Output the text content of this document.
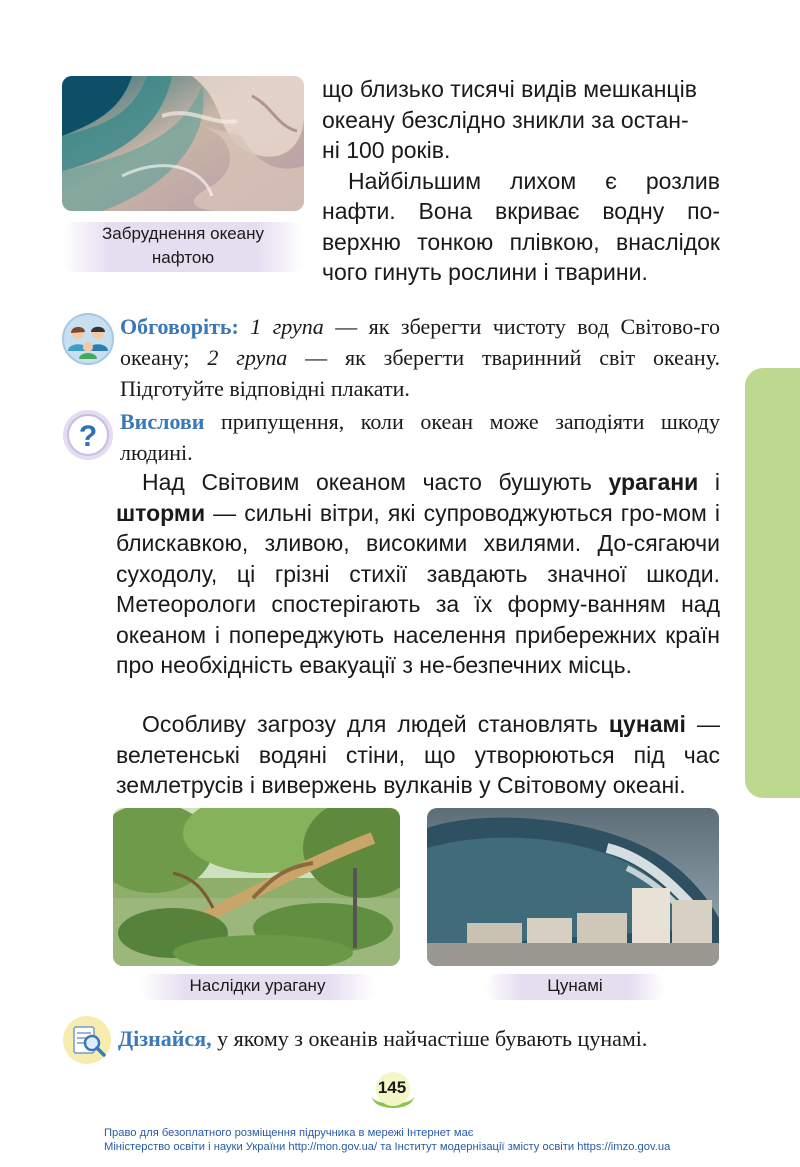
Забруднення океану нафтою
що близько тисячі видів мешканців
океану безслідно зникли за остан-
ні 100 років.
Найбільшим лихом є розлив
нафти. Вона вкриває водну по-
верхню тонкою плівкою, внаслідок
чого гинуть рослини і тварини.
Обговоріть: 1 група — як зберегти чистоту вод Світово-го океану; 2 група — як зберегти тваринний світ океану. Підготуйте відповідні плакати.
? Вислови припущення, коли океан може заподіяти шкоду людині.

Над Світовим океаном часто бушують урагани і шторми — сильні вітри, які супроводжуються гро-мом і блискавкою, зливою, високими хвилями. До-сягаючи суходолу, ці грізні стихії завдають значної шкоди. Метеорологи спостерігають за їх форму-ванням над океаном і попереджують населення прибережних країн про необхідність евакуації з не-безпечних місць.

Особливу загрозу для людей становлять цунамі — велетенські водяні стіни, що утворюються під час землетрусів і вивержень вулканів у Світовому океані.

Наслідки урагану	Цунамі
Дізнайся, у якому з океанів найчастіше бувають цунамі.
145
Право для безоплатного розміщення підручника в мережі Інтернет має
Міністерство освіти і науки України http://mon.gov.ua/ та Інститут модернізації змісту освіти https://imzo.gov.ua
